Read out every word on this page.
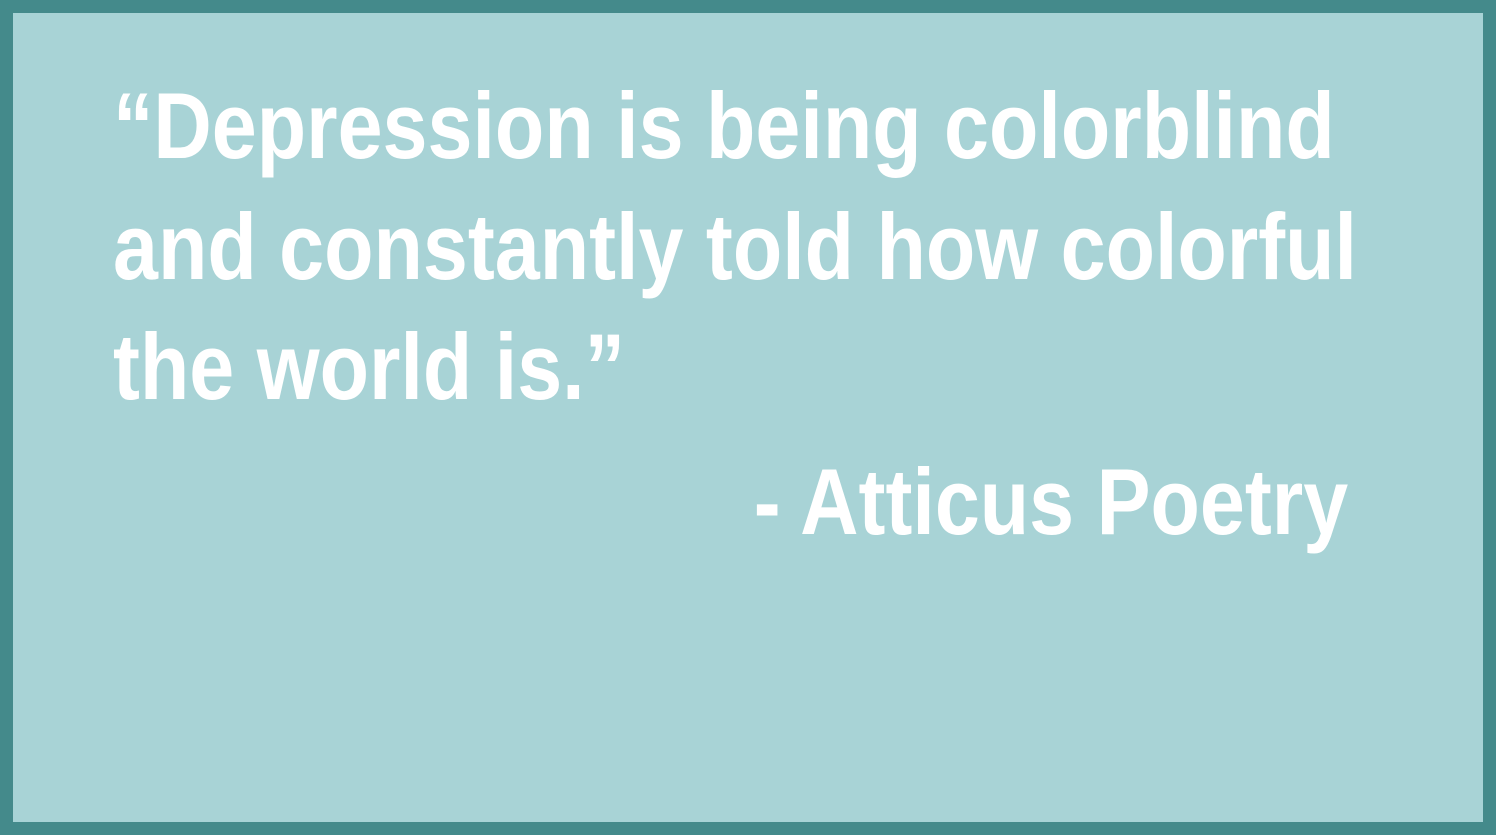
“Depression is being colorblind

and constantly told how colorful

the world is.”

- Atticus Poetry
